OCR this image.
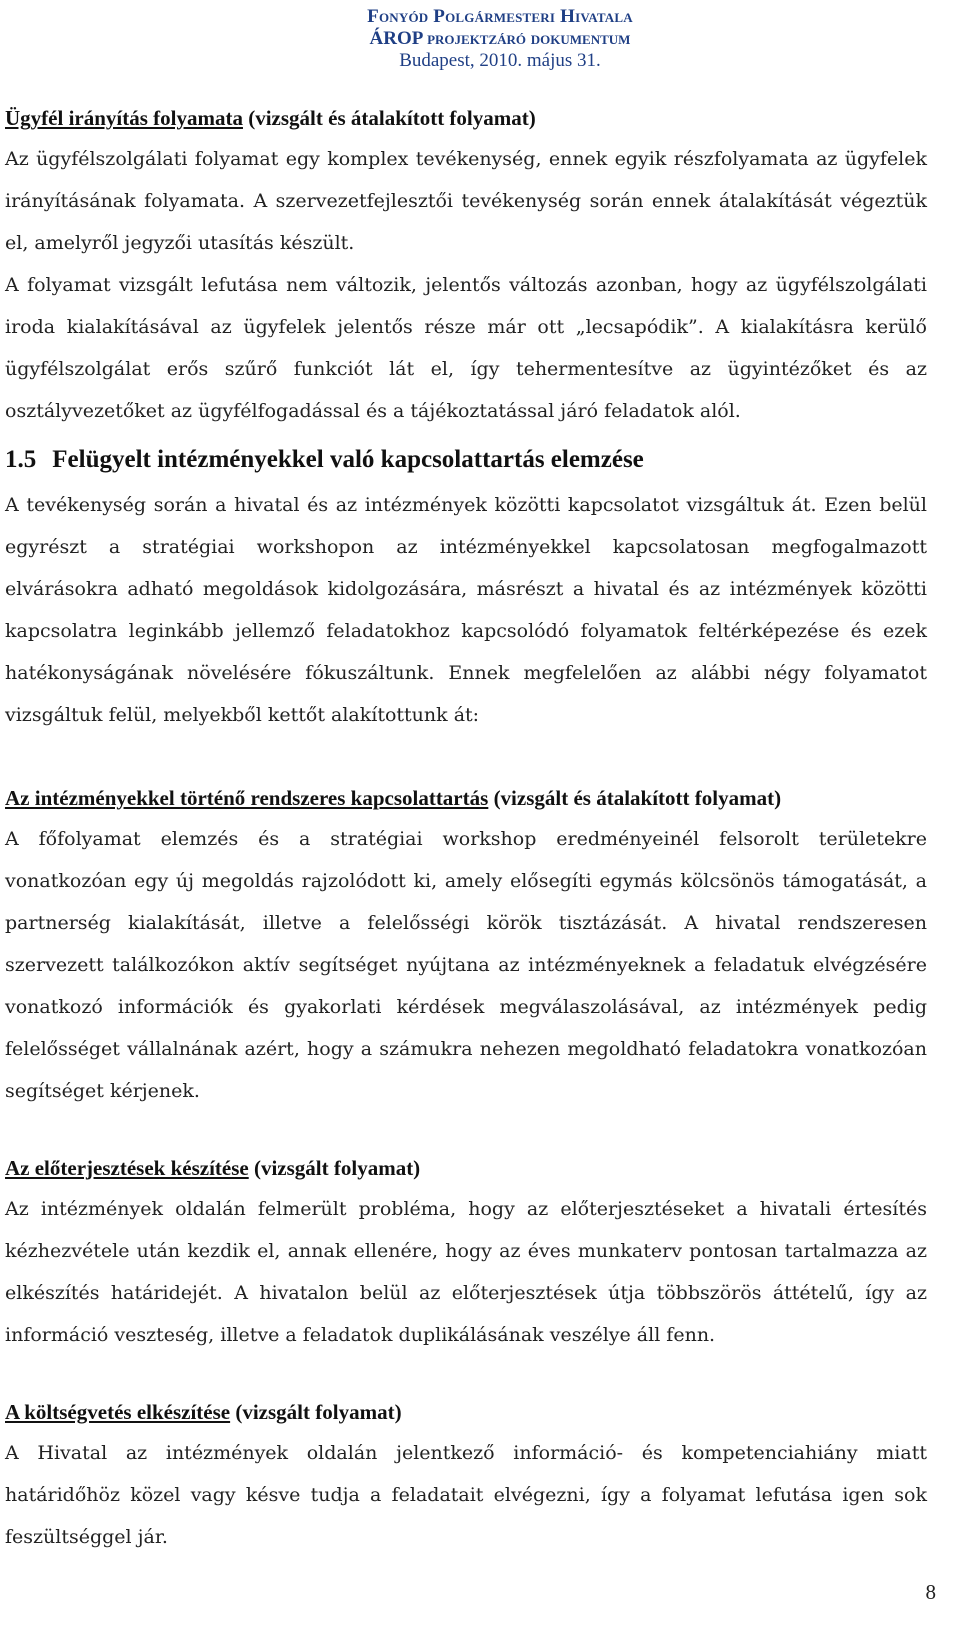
Fonyód Polgármesteri Hivatala
ÁROP projektzáró dokumentum
Budapest, 2010. május 31.

Ügyfél irányítás folyamata (vizsgált és átalakított folyamat)

Az ügyfélszolgálati folyamat egy komplex tevékenység, ennek egyik részfolyamata az ügyfelek irányításának folyamata. A szervezetfejlesztői tevékenység során ennek átalakítását végeztük el, amelyről jegyzői utasítás készült.

A folyamat vizsgált lefutása nem változik, jelentős változás azonban, hogy az ügyfélszolgálati iroda kialakításával az ügyfelek jelentős része már ott „lecsapódik”. A kialakításra kerülő ügyfélszolgálat erős szűrő funkciót lát el, így tehermentesítve az ügyintézőket és az osztályvezetőket az ügyfélfogadással és a tájékoztatással járó feladatok alól.

1.5 Felügyelt intézményekkel való kapcsolattartás elemzése

A tevékenység során a hivatal és az intézmények közötti kapcsolatot vizsgáltuk át. Ezen belül egyrészt a stratégiai workshopon az intézményekkel kapcsolatosan megfogalmazott elvárásokra adható megoldások kidolgozására, másrészt a hivatal és az intézmények közötti kapcsolatra leginkább jellemző feladatokhoz kapcsolódó folyamatok feltérképezése és ezek hatékonyságának növelésére fókuszáltunk. Ennek megfelelően az alábbi négy folyamatot vizsgáltuk felül, melyekből kettőt alakítottunk át:

Az intézményekkel történő rendszeres kapcsolattartás (vizsgált és átalakított folyamat)

A főfolyamat elemzés és a stratégiai workshop eredményeinél felsorolt területekre vonatkozóan egy új megoldás rajzolódott ki, amely elősegíti egymás kölcsönös támogatását, a partnerség kialakítását, illetve a felelősségi körök tisztázását. A hivatal rendszeresen szervezett találkozókon aktív segítséget nyújtana az intézményeknek a feladatuk elvégzésére vonatkozó információk és gyakorlati kérdések megválaszolásával, az intézmények pedig felelősséget vállalnának azért, hogy a számukra nehezen megoldható feladatokra vonatkozóan segítséget kérjenek.

Az előterjesztések készítése (vizsgált folyamat)

Az intézmények oldalán felmerült probléma, hogy az előterjesztéseket a hivatali értesítés kézhezvétele után kezdik el, annak ellenére, hogy az éves munkaterv pontosan tartalmazza az elkészítés határidejét. A hivatalon belül az előterjesztések útja többszörös áttételű, így az információ veszteség, illetve a feladatok duplikálásának veszélye áll fenn.

A költségvetés elkészítése (vizsgált folyamat)

A Hivatal az intézmények oldalán jelentkező információ- és kompetenciahiány miatt határidőhöz közel vagy késve tudja a feladatait elvégezni, így a folyamat lefutása igen sok feszültséggel jár.

8
